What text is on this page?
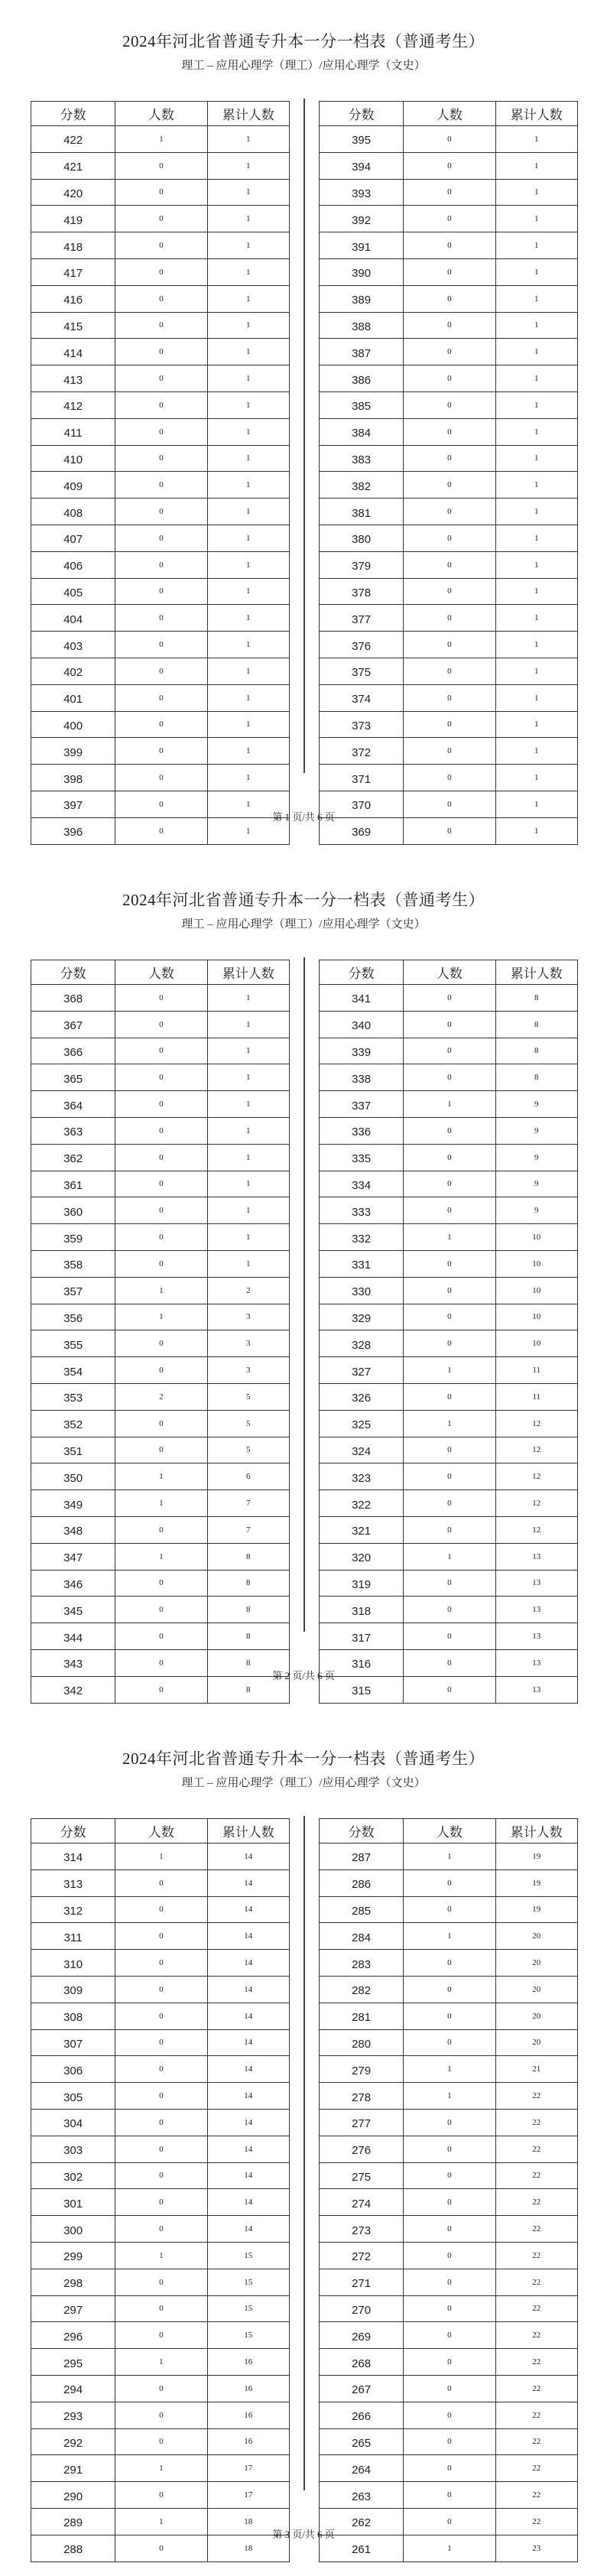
2024年河北省普通专升本一分一档表（普通考生）
理工 – 应用心理学（理工）/应用心理学（文史）
分数	人数	累计人数
422	1	1
421	0	1
420	0	1
419	0	1
418	0	1
417	0	1
416	0	1
415	0	1
414	0	1
413	0	1
412	0	1
411	0	1
410	0	1
409	0	1
408	0	1
407	0	1
406	0	1
405	0	1
404	0	1
403	0	1
402	0	1
401	0	1
400	0	1
399	0	1
398	0	1
397	0	1
396	0	1
分数	人数	累计人数
395	0	1
394	0	1
393	0	1
392	0	1
391	0	1
390	0	1
389	0	1
388	0	1
387	0	1
386	0	1
385	0	1
384	0	1
383	0	1
382	0	1
381	0	1
380	0	1
379	0	1
378	0	1
377	0	1
376	0	1
375	0	1
374	0	1
373	0	1
372	0	1
371	0	1
370	0	1
369	0	1
第 1 页/共 6 页
2024年河北省普通专升本一分一档表（普通考生）
理工 – 应用心理学（理工）/应用心理学（文史）
分数	人数	累计人数
368	0	1
367	0	1
366	0	1
365	0	1
364	0	1
363	0	1
362	0	1
361	0	1
360	0	1
359	0	1
358	0	1
357	1	2
356	1	3
355	0	3
354	0	3
353	2	5
352	0	5
351	0	5
350	1	6
349	1	7
348	0	7
347	1	8
346	0	8
345	0	8
344	0	8
343	0	8
342	0	8
分数	人数	累计人数
341	0	8
340	0	8
339	0	8
338	0	8
337	1	9
336	0	9
335	0	9
334	0	9
333	0	9
332	1	10
331	0	10
330	0	10
329	0	10
328	0	10
327	1	11
326	0	11
325	1	12
324	0	12
323	0	12
322	0	12
321	0	12
320	1	13
319	0	13
318	0	13
317	0	13
316	0	13
315	0	13
第 2 页/共 6 页
2024年河北省普通专升本一分一档表（普通考生）
理工 – 应用心理学（理工）/应用心理学（文史）
分数	人数	累计人数
314	1	14
313	0	14
312	0	14
311	0	14
310	0	14
309	0	14
308	0	14
307	0	14
306	0	14
305	0	14
304	0	14
303	0	14
302	0	14
301	0	14
300	0	14
299	1	15
298	0	15
297	0	15
296	0	15
295	1	16
294	0	16
293	0	16
292	0	16
291	1	17
290	0	17
289	1	18
288	0	18
分数	人数	累计人数
287	1	19
286	0	19
285	0	19
284	1	20
283	0	20
282	0	20
281	0	20
280	0	20
279	1	21
278	1	22
277	0	22
276	0	22
275	0	22
274	0	22
273	0	22
272	0	22
271	0	22
270	0	22
269	0	22
268	0	22
267	0	22
266	0	22
265	0	22
264	0	22
263	0	22
262	0	22
261	1	23
第 3 页/共 6 页
